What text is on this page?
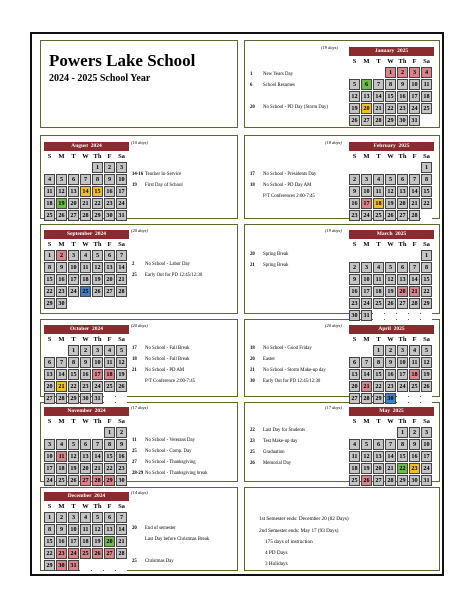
Powers Lake School
2024 - 2025 School Year
1st Semester ends: December 20 (82 Days)
2nd Semester ends: May 17 (93 Days)
175 days of instruction
4 PD Days
3 Holidays
(19 days)
January 2025
S	M	T	W	Th	F	Sa
			1	2	3	4
5	6	7	8	9	10	11
12	13	14	15	16	17	18
19	20	21	22	23	24	25
26	27	28	29	30	31	
1 New Years Day
6 School Resumes
20 No School - PD Day (Storm Day)
(10 days)
August 2024
S	M	T	W	Th	F	Sa
				1	2	3
4	5	6	7	8	9	10
11	12	13	14	15	16	17
18	19	20	21	22	23	24
25	26	27	28	29	30	31
14-16 Teacher In-Service
19 First Day of School
(18 days)
February 2025
S	M	T	W	Th	F	Sa
						1
2	3	4	5	6	7	8
9	10	11	12	13	14	15
16	17	18	19	20	21	22
23	24	25	26	27	28	
17 No School - Presidents Day
18 No School - PD Day AM
P/T Conferences 2:00-7:45
(20 days)
September 2024
S	M	T	W	Th	F	Sa
1	2	3	4	5	6	7
8	9	10	11	12	13	14
15	16	17	18	19	20	21
22	23	24	25	26	27	28
29	30					
2 No School - Labor Day
25 Early Out for PD 12:45/12:30
(19 days)
March 2025
S	M	T	W	Th	F	Sa
						1
2	3	4	5	6	7	8
9	10	11	12	13	14	15
16	17	18	19	20	21	22
23	24	25	26	27	28	29
30	31					
20 Spring Break
21 Spring Break
(20 days)
October 2024
S	M	T	W	Th	F	Sa
		1	2	3	4	5
6	7	8	9	10	11	12
13	14	15	16	17	18	19
20	21	22	23	24	25	26
27	28	29	30	31		
17 No School - Fall Break
18 No School - Fall Break
21 No School - PD AM
P/T Conference 2:00-7:45
(20 days)
April 2025
S	M	T	W	Th	F	Sa
		1	2	3	4	5
6	7	8	9	10	11	12
13	14	15	16	17	18	19
20	21	22	23	24	25	26
27	28	29	30			
18 No School - Good Friday
20 Easter
21 No School - Storm Make-up day
30 Early Out for PD 12:45/12:30
(17 days)
November 2024
S	M	T	W	Th	F	Sa
					1	2
3	4	5	6	7	8	9
10	11	12	13	14	15	16
17	18	19	20	21	22	23
24	25	26	27	28	29	30
11 No School - Veterans Day
25 No School - Comp. Day
27 No School - Thanksgiving
28-29 No School - Thanksgiving break
(17 days)
May 2025
S	M	T	W	Th	F	Sa
				1	2	3
4	5	6	7	8	9	10
11	12	13	14	15	16	17
18	19	20	21	22	23	24
25	26	27	28	29	30	31
22 Last Day for Students
23 Test Make-up day
25 Graduation
26 Memorial Day
(14 days)
December 2024
S	M	T	W	Th	F	Sa
1	2	3	4	5	6	7
8	9	10	11	12	13	14
15	16	17	18	19	20	21
22	23	24	25	26	27	28
29	30	31				
20 End of semester
Last Day before Christmas Break
25 Christmas Day
